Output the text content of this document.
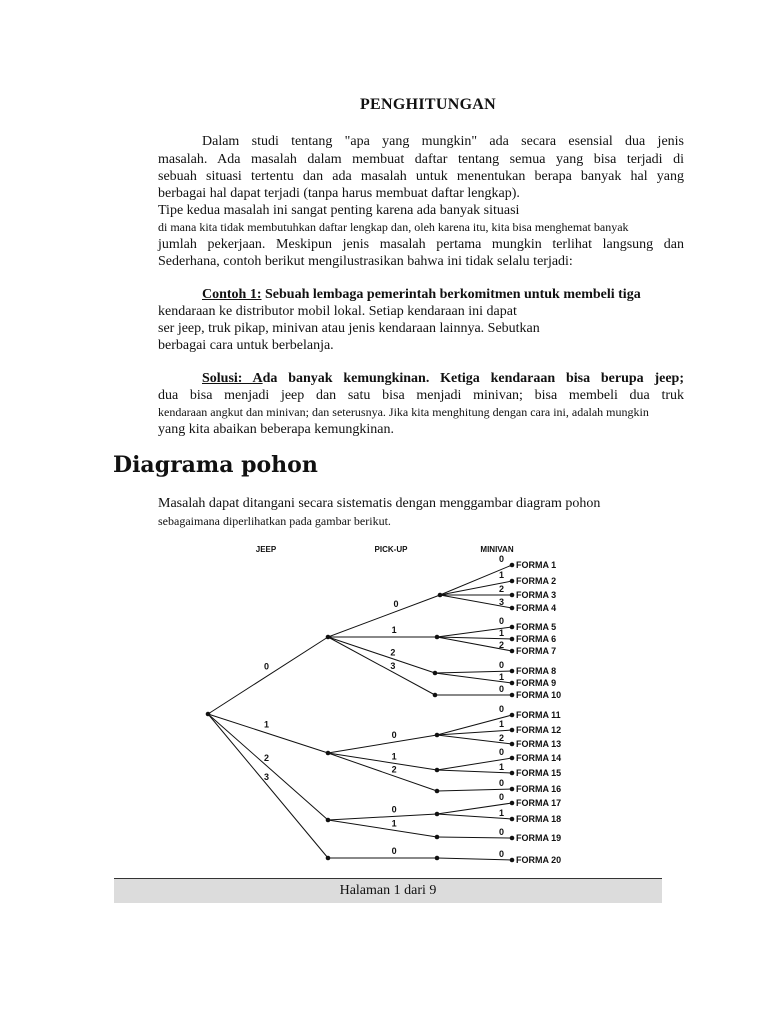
PENGHITUNGAN
Dalam studi tentang "apa yang mungkin" ada secara esensial dua jenis
masalah. Ada masalah dalam membuat daftar tentang semua yang bisa terjadi di
sebuah situasi tertentu dan ada masalah untuk menentukan berapa banyak hal yang
berbagai hal dapat terjadi (tanpa harus membuat daftar lengkap).
Tipe kedua masalah ini sangat penting karena ada banyak situasi
di mana kita tidak membutuhkan daftar lengkap dan, oleh karena itu, kita bisa menghemat banyak
jumlah pekerjaan. Meskipun jenis masalah pertama mungkin terlihat langsung dan
Sederhana, contoh berikut mengilustrasikan bahwa ini tidak selalu terjadi:
Contoh 1: Sebuah lembaga pemerintah berkomitmen untuk membeli tiga
kendaraan ke distributor mobil lokal. Setiap kendaraan ini dapat
ser jeep, truk pikap, minivan atau jenis kendaraan lainnya. Sebutkan
berbagai cara untuk berbelanja.
Solusi: Ada banyak kemungkinan. Ketiga kendaraan bisa berupa jeep;
dua bisa menjadi jeep dan satu bisa menjadi minivan; bisa membeli dua truk
kendaraan angkut dan minivan; dan seterusnya. Jika kita menghitung dengan cara ini, adalah mungkin
yang kita abaikan beberapa kemungkinan.
Diagrama pohon
Masalah dapat ditangani secara sistematis dengan menggambar diagram pohon
sebagaimana diperlihatkan pada gambar berikut.
JEEP	PICK-UP	MINIVAN
0
1
2
3
0
1
2
3
0
1
2
0
1
0
0
FORMA 1
1
FORMA 2
2
FORMA 3
3
FORMA 4
0
FORMA 5
1
FORMA 6
2
FORMA 7
0
FORMA 8
1
FORMA 9
0
FORMA 10
0
FORMA 11
1
FORMA 12
2
FORMA 13
0
FORMA 14
1
FORMA 15
0
FORMA 16
0
FORMA 17
1
FORMA 18
0
FORMA 19
0
FORMA 20
Halaman 1 dari 9
